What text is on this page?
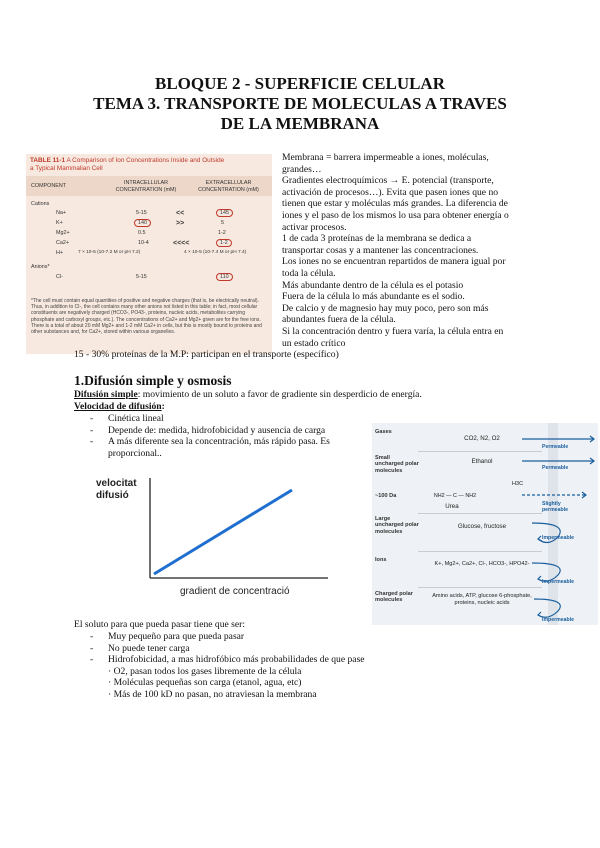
BLOQUE 2 - SUPERFICIE CELULAR
TEMA 3. TRANSPORTE DE MOLECULAS A TRAVES
DE LA MEMBRANA
TABLE 11-1 A Comparison of Ion Concentrations Inside and Outside
a Typical Mammalian Cell
COMPONENT	INTRACELLULAR
CONCENTRATION (mM)
EXTRACELLULAR
CONCENTRATION (mM)
Cations
Na+	5-15	<<	145
K+	140	>>	5
Mg2+	0.5	1-2
Ca2+	10-4	<<<<	1-2
H+	7 × 10-5 (10-7.2 M or pH 7.2)	4 × 10-5 (10-7.4 M or pH 7.4)
Anions*
Cl-	5-15	110
*The cell must contain equal quantities of positive and negative charges (that is, be electrically neutral). Thus, in addition to Cl-, the cell contains many other anions not listed in this table; in fact, most cellular constituents are negatively charged (HCO3-, PO43-, proteins, nucleic acids, metabolites carrying phosphate and carboxyl groups, etc.). The concentrations of Ca2+ and Mg2+ given are for the free ions. There is a total of about 20 mM Mg2+ and 1-2 mM Ca2+ in cells, but this is mostly bound to proteins and other substances and, for Ca2+, stored within various organelles.
Membrana = barrera impermeable a iones, moléculas, grandes…
Gradientes electroquímicos → E. potencial (transporte, activación de procesos…). Evita que pasen iones que no tienen que estar y moléculas más grandes. La diferencia de iones y el paso de los mismos lo usa para obtener energía o activar procesos.
1 de cada 3 proteínas de la membrana se dedica a transportar cosas y a mantener las concentraciones.
Los iones no se encuentran repartidos de manera igual por toda la célula.
Más abundante dentro de la célula es el potasio
Fuera de la célula lo más abundante es el sodio.
De calcio y de magnesio hay muy poco, pero son más abundantes fuera de la célula.
Si la concentración dentro y fuera varía, la célula entra en un estado crítico
15 - 30% proteínas de la M.P: participan en el transporte (específico)
1.Difusión simple y osmosis
Difusión simple: movimiento de un soluto a favor de gradiente sin desperdicio de energía.
Velocidad de difusión:
- Cinética lineal
- Depende de: medida, hidrofobicidad y ausencia de carga
- A más diferente sea la concentración, más rápido pasa. Es proporcional..
velocitat
difusió
gradient de concentració
Gases
CO2, N2, O2
Permeable
Small uncharged polar molecules
Ethanol
Permeable
H3C
~100 Da	NH2 — C — NH2
Urea	Slightly permeable
Large uncharged polar molecules
Glucose, fructose
Impermeable
Ions
K+, Mg2+, Ca2+, Cl-, HCO3-, HPO42-
Impermeable
Charged polar molecules
Amino acids, ATP, glucose 6-phosphate, proteins, nucleic acids
Impermeable
El soluto para que pueda pasar tiene que ser:
- Muy pequeño para que pueda pasar
- No puede tener carga
- Hidrofobicidad, a mas hidrofóbico más probabilidades de que pase
· O2, pasan todos los gases libremente de la célula
· Moléculas pequeñas son carga (etanol, agua, etc)
· Más de 100 kD no pasan, no atraviesan la membrana
